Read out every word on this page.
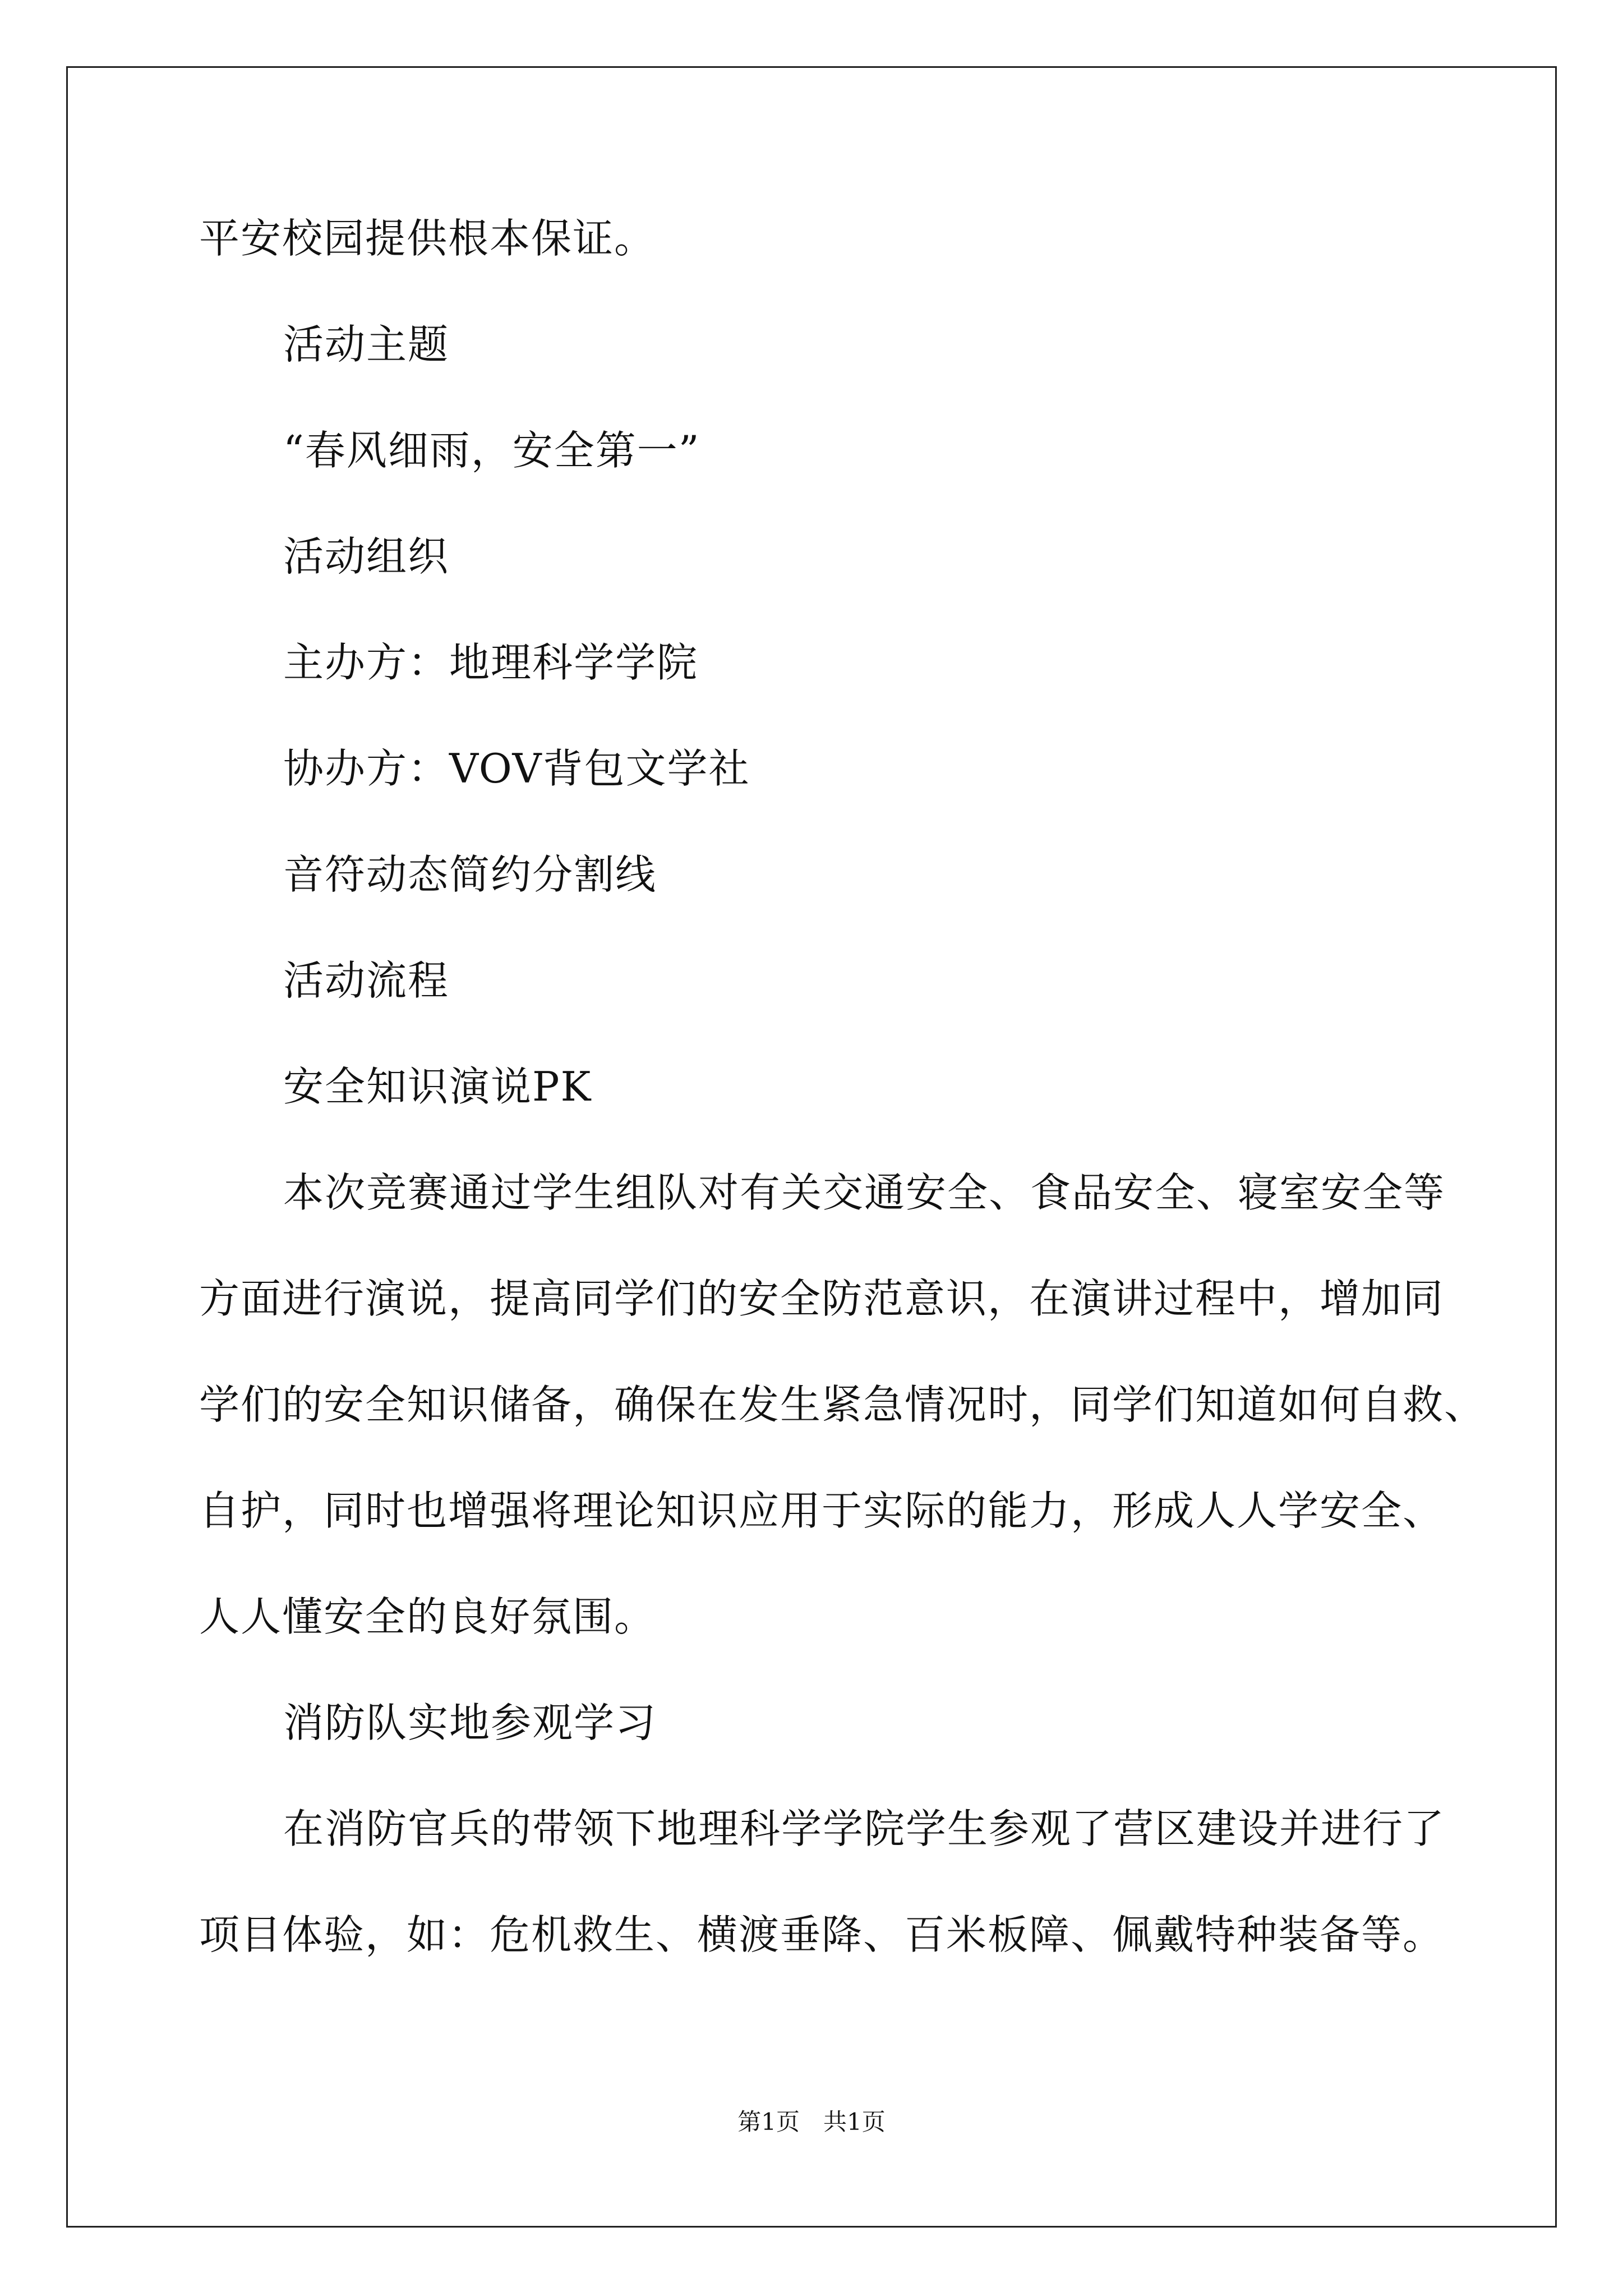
平安校园提供根本保证。
活动主题
“春风细雨，安全第一”
活动组织
主办方：地理科学学院
协办方：VOV背包文学社
音符动态简约分割线
活动流程
安全知识演说PK
本次竞赛通过学生组队对有关交通安全、食品安全、寝室安全等
方面进行演说，提高同学们的安全防范意识，在演讲过程中，增加同
学们的安全知识储备，确保在发生紧急情况时，同学们知道如何自救、
自护，同时也增强将理论知识应用于实际的能力，形成人人学安全、
人人懂安全的良好氛围。
消防队实地参观学习
在消防官兵的带领下地理科学学院学生参观了营区建设并进行了
项目体验，如：危机救生、横渡垂降、百米板障、佩戴特种装备等。
第1页　共1页
